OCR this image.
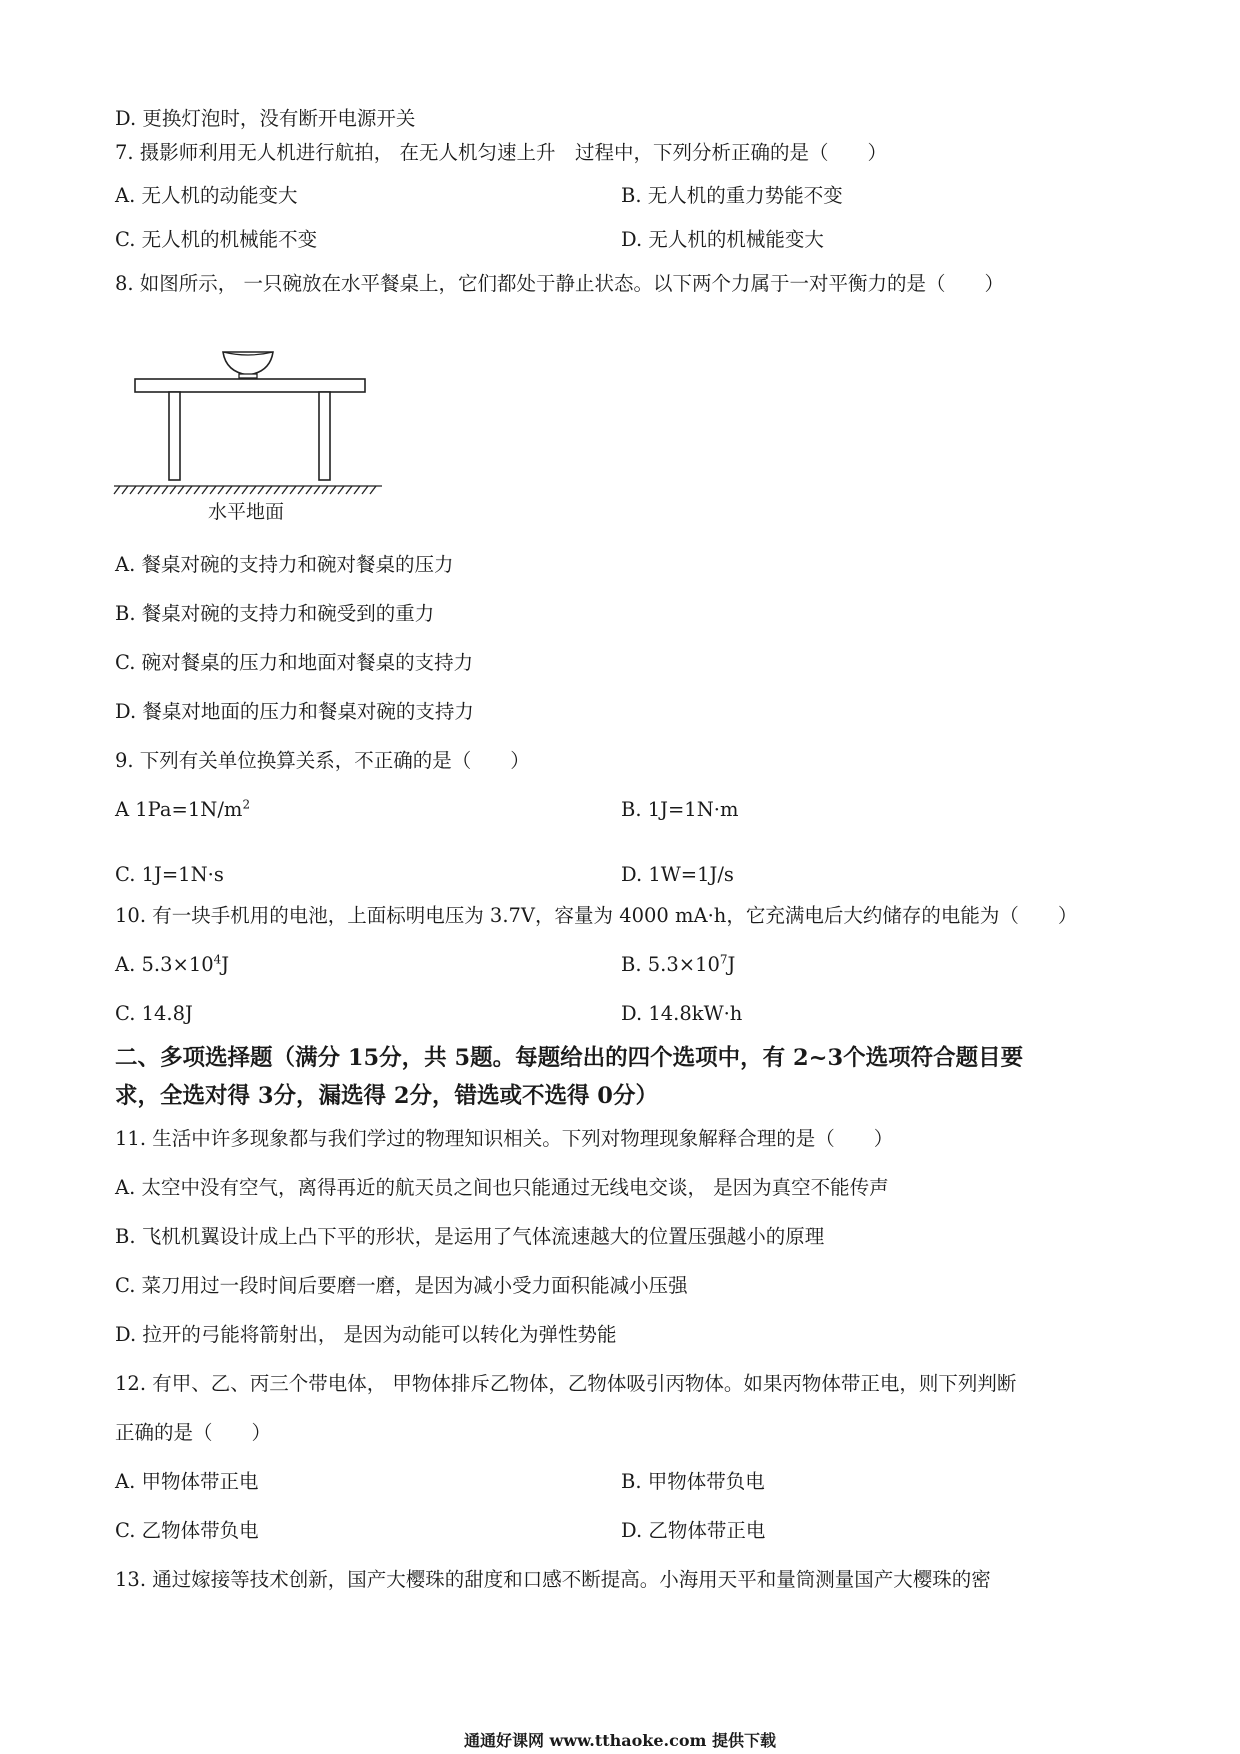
D. 更换灯泡时，没有断开电源开关
7. 摄影师利用无人机进行航拍， 在无人机匀速上升　过程中，下列分析正确的是（　　）
A. 无人机的动能变大	B. 无人机的重力势能不变
C. 无人机的机械能不变	D. 无人机的机械能变大
8. 如图所示， 一只碗放在水平餐桌上，它们都处于静止状态。以下两个力属于一对平衡力的是（　　）
水平地面
A. 餐桌对碗的支持力和碗对餐桌的压力
B. 餐桌对碗的支持力和碗受到的重力
C. 碗对餐桌的压力和地面对餐桌的支持力
D. 餐桌对地面的压力和餐桌对碗的支持力
9. 下列有关单位换算关系，不正确的是（　　）
A $1Pa=1N/m^2$	B. 1J=1N·m
C. 1J=1N·s	D. 1W=1J/s
10. 有一块手机用的电池，上面标明电压为 3.7V，容量为 4000 mA·h，它充满电后大约储存的电能为（　　）
A. $5.3\times 10^4J$	B. $5.3\times 10^7J$
C. 14.8J	D. 14.8kW·h
二、多项选择题（满分 15分，共 5题。每题给出的四个选项中，有 2~3个选项符合题目要
求，全选对得 3分，漏选得 2分，错选或不选得 0分）
11. 生活中许多现象都与我们学过的物理知识相关。下列对物理现象解释合理的是（　　）
A. 太空中没有空气，离得再近的航天员之间也只能通过无线电交谈， 是因为真空不能传声
B. 飞机机翼设计成上凸下平的形状，是运用了气体流速越大的位置压强越小的原理
C. 菜刀用过一段时间后要磨一磨，是因为减小受力面积能减小压强
D. 拉开的弓能将箭射出， 是因为动能可以转化为弹性势能
12. 有甲、乙、丙三个带电体， 甲物体排斥乙物体，乙物体吸引丙物体。如果丙物体带正电，则下列判断
正确的是（　　）
A. 甲物体带正电	B. 甲物体带负电
C. 乙物体带负电	D. 乙物体带正电
13. 通过嫁接等技术创新，国产大樱珠的甜度和口感不断提高。小海用天平和量筒测量国产大樱珠的密
通通好课网 www.tthaoke.com 提供下载
